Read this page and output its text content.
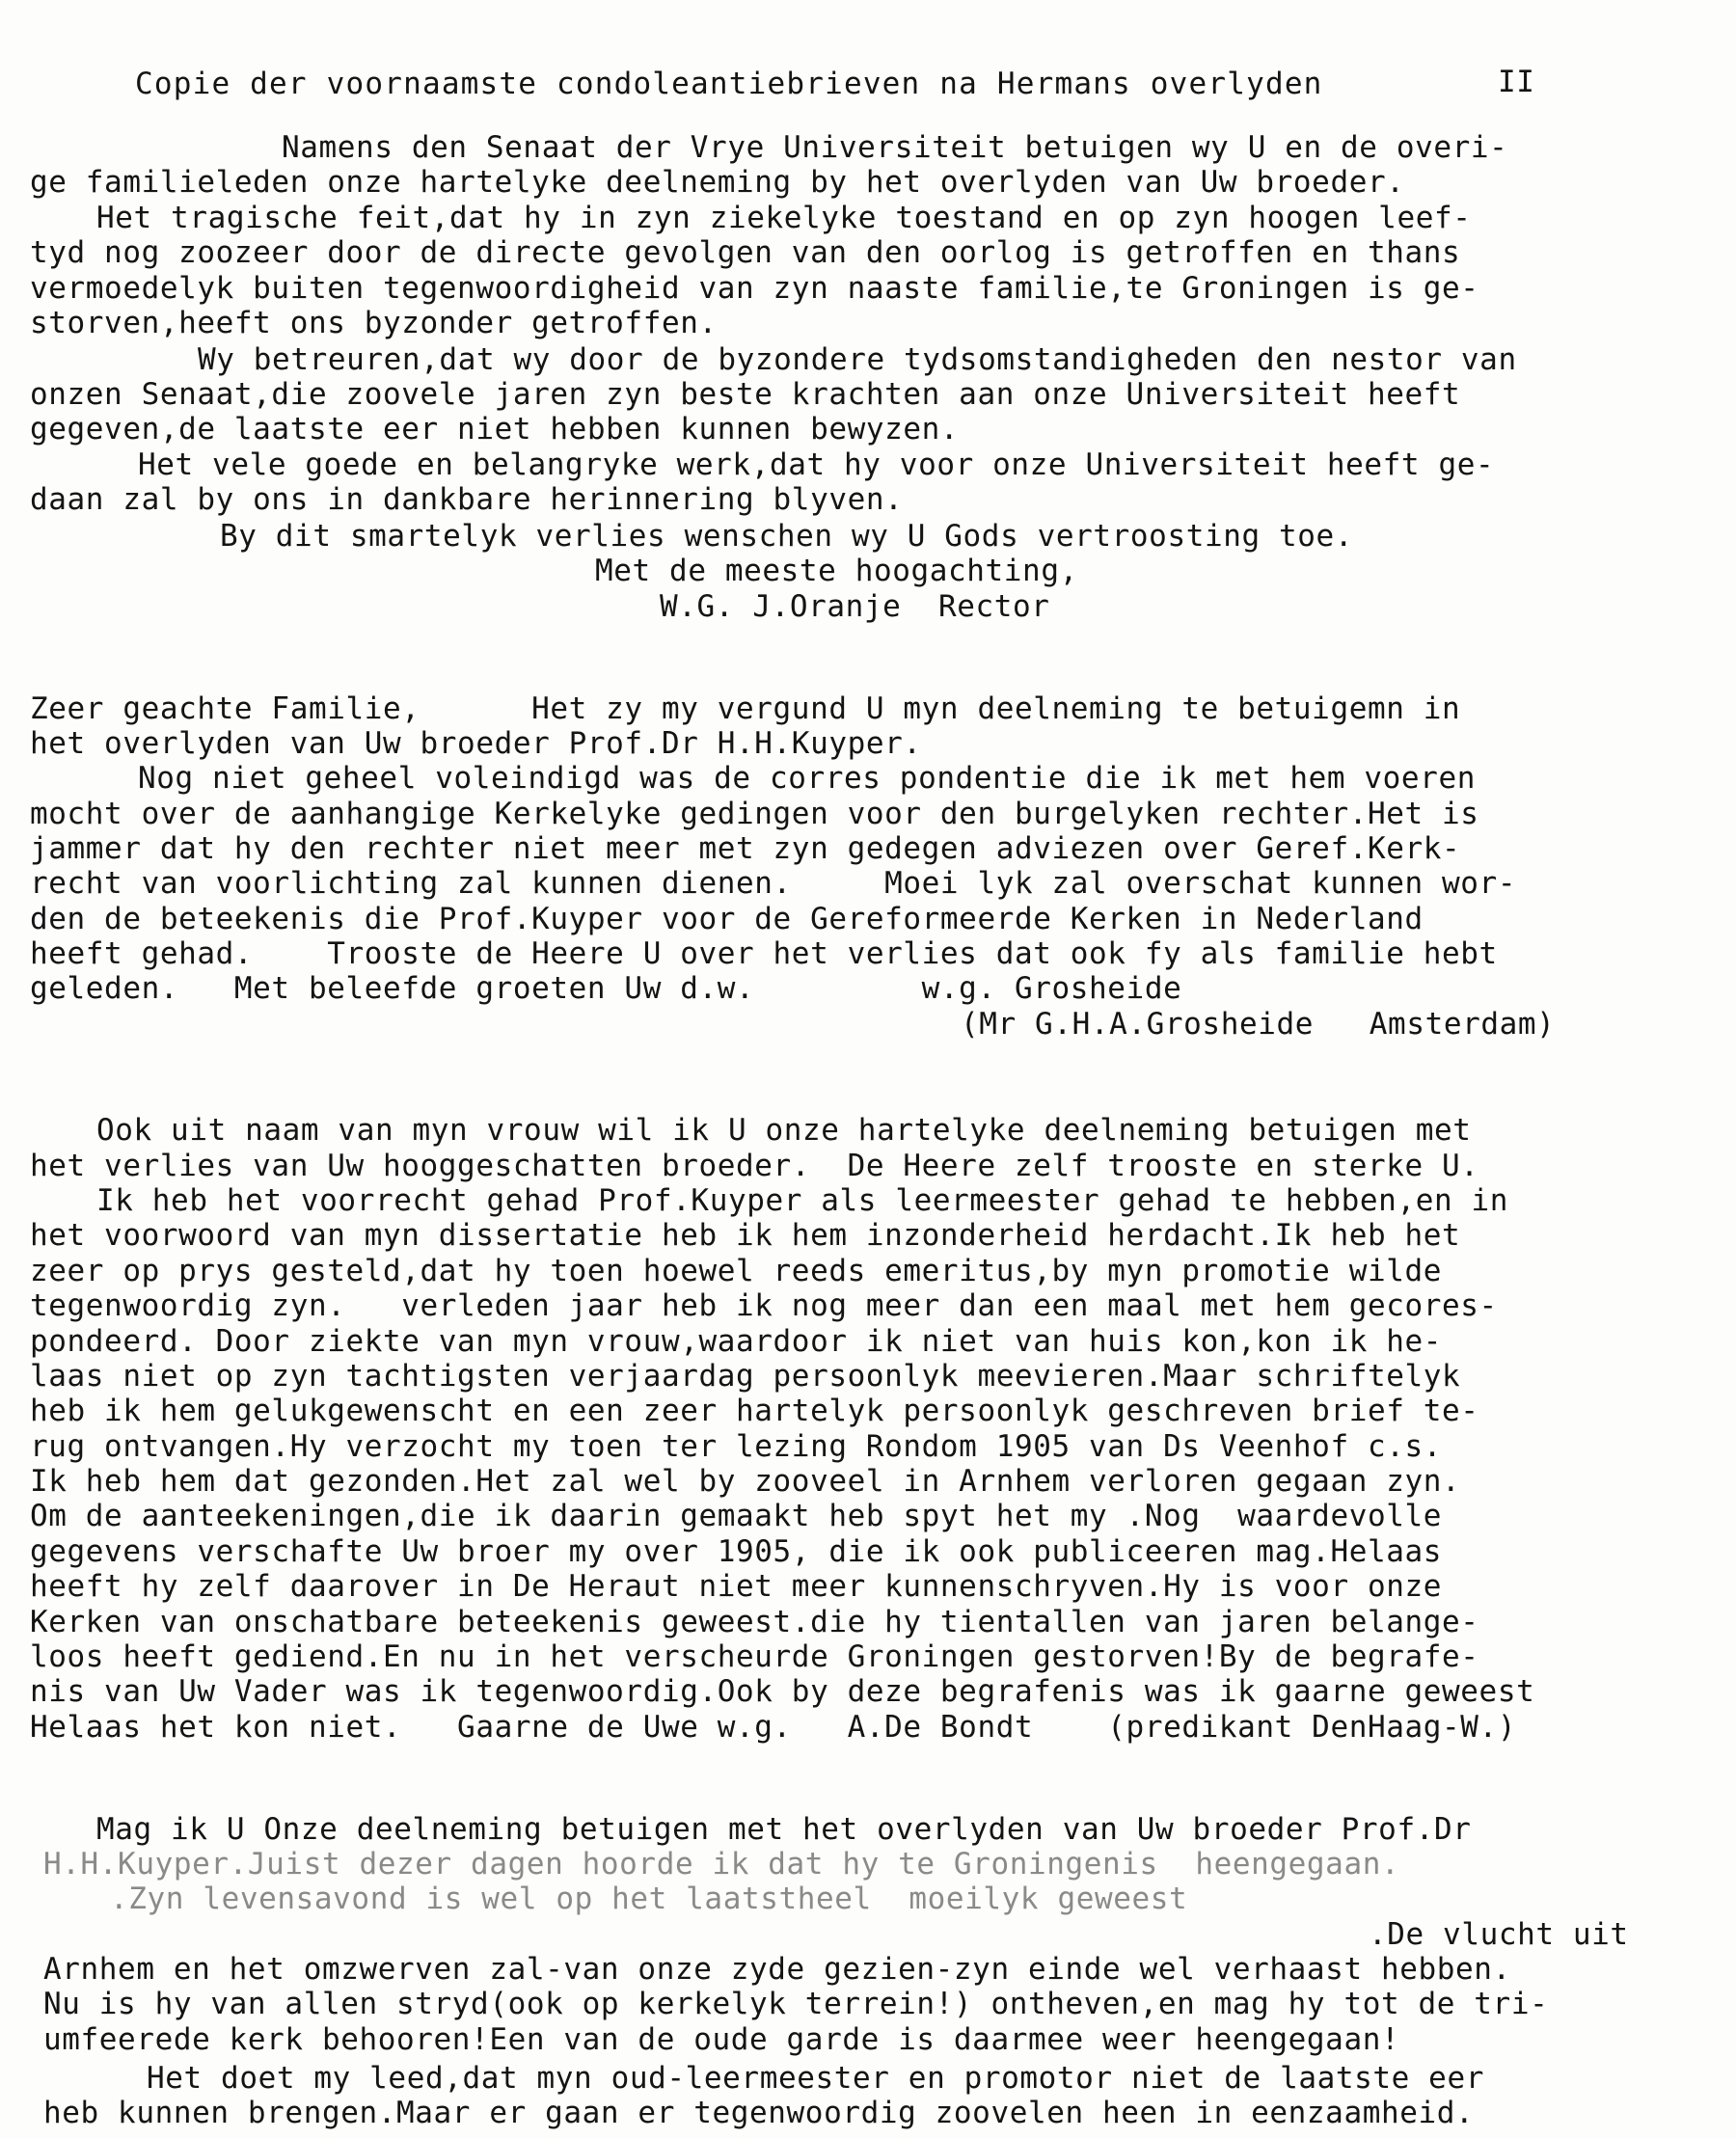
Copie der voornaamste condoleantiebrieven na Hermans overlyden	II
Namens den Senaat der Vrye Universiteit betuigen wy U en de overi-
ge familieleden onze hartelyke deelneming by het overlyden van Uw broeder.
Het tragische feit,dat hy in zyn ziekelyke toestand en op zyn hoogen leef-
tyd nog zoozeer door de directe gevolgen van den oorlog is getroffen en thans
vermoedelyk buiten tegenwoordigheid van zyn naaste familie,te Groningen is ge-
storven,heeft ons byzonder getroffen.
Wy betreuren,dat wy door de byzondere tydsomstandigheden den nestor van
onzen Senaat,die zoovele jaren zyn beste krachten aan onze Universiteit heeft
gegeven,de laatste eer niet hebben kunnen bewyzen.
Het vele goede en belangryke werk,dat hy voor onze Universiteit heeft ge-
daan zal by ons in dankbare herinnering blyven.
By dit smartelyk verlies wenschen wy U Gods vertroosting toe.
Met de meeste hoogachting,
W.G. J.Oranje  Rector
Zeer geachte Familie,      Het zy my vergund U myn deelneming te betuigemn in
het overlyden van Uw broeder Prof.Dr H.H.Kuyper.
Nog niet geheel voleindigd was de corres pondentie die ik met hem voeren
mocht over de aanhangige Kerkelyke gedingen voor den burgelyken rechter.Het is
jammer dat hy den rechter niet meer met zyn gedegen adviezen over Geref.Kerk-
recht van voorlichting zal kunnen dienen.     Moei lyk zal overschat kunnen wor-
den de beteekenis die Prof.Kuyper voor de Gereformeerde Kerken in Nederland
heeft gehad.    Trooste de Heere U over het verlies dat ook fy als familie hebt
geleden.   Met beleefde groeten Uw d.w.         w.g. Grosheide
(Mr G.H.A.Grosheide   Amsterdam)
Ook uit naam van myn vrouw wil ik U onze hartelyke deelneming betuigen met
het verlies van Uw hooggeschatten broeder.  De Heere zelf trooste en sterke U.
Ik heb het voorrecht gehad Prof.Kuyper als leermeester gehad te hebben,en in
het voorwoord van myn dissertatie heb ik hem inzonderheid herdacht.Ik heb het
zeer op prys gesteld,dat hy toen hoewel reeds emeritus,by myn promotie wilde
tegenwoordig zyn.   verleden jaar heb ik nog meer dan een maal met hem gecores-
pondeerd. Door ziekte van myn vrouw,waardoor ik niet van huis kon,kon ik he-
laas niet op zyn tachtigsten verjaardag persoonlyk meevieren.Maar schriftelyk
heb ik hem gelukgewenscht en een zeer hartelyk persoonlyk geschreven brief te-
rug ontvangen.Hy verzocht my toen ter lezing Rondom 1905 van Ds Veenhof c.s.
Ik heb hem dat gezonden.Het zal wel by zooveel in Arnhem verloren gegaan zyn.
Om de aanteekeningen,die ik daarin gemaakt heb spyt het my .Nog  waardevolle
gegevens verschafte Uw broer my over 1905, die ik ook publiceeren mag.Helaas
heeft hy zelf daarover in De Heraut niet meer kunnenschryven.Hy is voor onze
Kerken van onschatbare beteekenis geweest.die hy tientallen van jaren belange-
loos heeft gediend.En nu in het verscheurde Groningen gestorven!By de begrafe-
nis van Uw Vader was ik tegenwoordig.Ook by deze begrafenis was ik gaarne geweest
Helaas het kon niet.   Gaarne de Uwe w.g.   A.De Bondt    (predikant DenHaag-W.)
Mag ik U Onze deelneming betuigen met het overlyden van Uw broeder Prof.Dr
H.H.Kuyper.Juist dezer dagen hoorde ik dat hy te Groningenis  heengegaan.
.Zyn levensavond is wel op het laatstheel  moeilyk geweest
.De vlucht uit
Arnhem en het omzwerven zal-van onze zyde gezien-zyn einde wel verhaast hebben.
Nu is hy van allen stryd(ook op kerkelyk terrein!) ontheven,en mag hy tot de tri-
umfeerede kerk behooren!Een van de oude garde is daarmee weer heengegaan!
Het doet my leed,dat myn oud-leermeester en promotor niet de laatste eer
heb kunnen brengen.Maar er gaan er tegenwoordig zoovelen heen in eenzaamheid.
